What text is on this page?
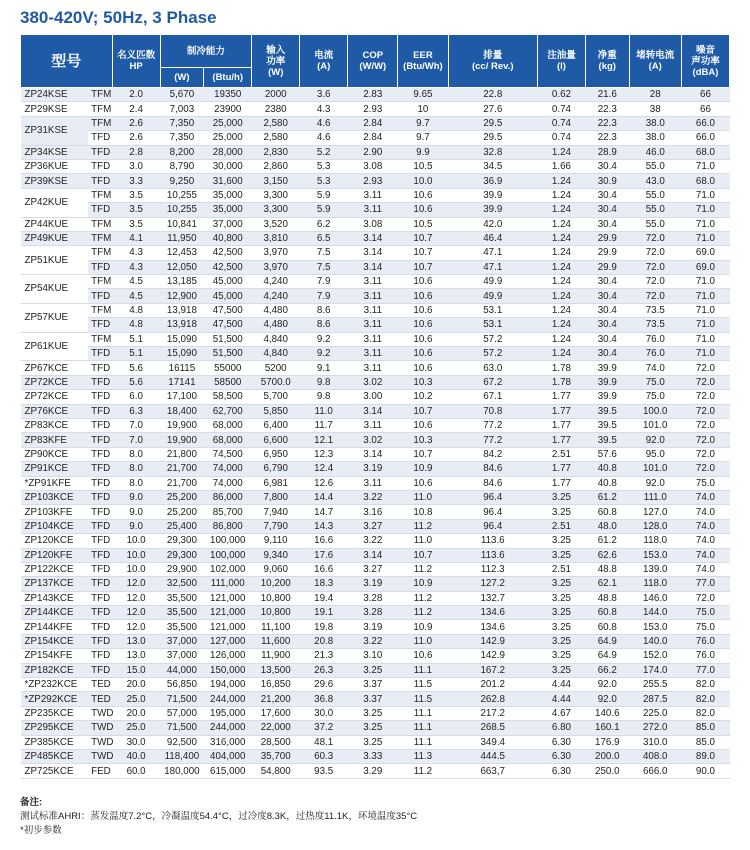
380-420V; 50Hz, 3 Phase
型号		名义匹数
HP	制冷能力		输入
功率
(W)	电流
(A)	COP
(W/W)	EER
(Btu/Wh)	排量
(cc/ Rev.)	注油量
(l)	净重
(kg)	堵转电流
(A)	噪音
声功率
(dBA)
			(W)	(Btu/h)									
ZP24KSE	TFM	2.0	5,670	19350	2000	3.6	2.83	9.65	22.8	0.62	21.6	28	66
ZP29KSE	TFM	2.4	7,003	23900	2380	4.3	2.93	10	27.6	0.74	22.3	38	66
ZP31KSE	TFM	2.6	7,350	25,000	2,580	4.6	2.84	9.7	29.5	0.74	22.3	38.0	66.0
	TFD	2.6	7,350	25,000	2,580	4.6	2.84	9.7	29.5	0.74	22.3	38.0	66.0
ZP34KSE	TFD	2.8	8,200	28,000	2,830	5.2	2.90	9.9	32.8	1.24	28.9	46.0	68.0
ZP36KUE	TFD	3.0	8,790	30,000	2,860	5.3	3.08	10.5	34.5	1.66	30.4	55.0	71.0
ZP39KSE	TFD	3.3	9,250	31,600	3,150	5.3	2.93	10.0	36.9	1.24	30.9	43.0	68.0
ZP42KUE	TFM	3.5	10,255	35,000	3,300	5.9	3.11	10.6	39.9	1.24	30.4	55.0	71.0
	TFD	3.5	10,255	35,000	3,300	5.9	3.11	10.6	39.9	1.24	30.4	55.0	71.0
ZP44KUE	TFM	3.5	10,841	37,000	3,520	6.2	3.08	10.5	42.0	1.24	30.4	55.0	71.0
ZP49KUE	TFM	4.1	11,950	40,800	3,810	6.5	3.14	10.7	46.4	1.24	29.9	72.0	71.0
ZP51KUE	TFM	4.3	12,453	42,500	3,970	7.5	3.14	10.7	47.1	1.24	29.9	72.0	69.0
	TFD	4.3	12,050	42,500	3,970	7.5	3.14	10.7	47.1	1.24	29.9	72.0	69.0
ZP54KUE	TFM	4.5	13,185	45,000	4,240	7.9	3.11	10.6	49.9	1.24	30.4	72.0	71.0
	TFD	4.5	12,900	45,000	4,240	7.9	3.11	10.6	49.9	1.24	30.4	72.0	71.0
ZP57KUE	TFM	4.8	13,918	47,500	4,480	8.6	3.11	10.6	53.1	1.24	30.4	73.5	71.0
	TFD	4.8	13,918	47,500	4,480	8.6	3.11	10.6	53.1	1.24	30.4	73.5	71.0
ZP61KUE	TFM	5.1	15,090	51,500	4,840	9.2	3.11	10.6	57.2	1.24	30.4	76.0	71.0
	TFD	5.1	15,090	51,500	4,840	9.2	3.11	10.6	57.2	1.24	30.4	76.0	71.0
ZP67KCE	TFD	5.6	16115	55000	5200	9.1	3.11	10.6	63.0	1.78	39.9	74.0	72.0
ZP72KCE	TFD	5.6	17141	58500	5700.0	9.8	3.02	10.3	67.2	1.78	39.9	75.0	72.0
ZP72KCE	TFD	6.0	17,100	58,500	5,700	9.8	3.00	10.2	67.1	1.77	39.9	75.0	72.0
ZP76KCE	TFD	6.3	18,400	62,700	5,850	11.0	3.14	10.7	70.8	1.77	39.5	100.0	72.0
ZP83KCE	TFD	7.0	19,900	68,000	6,400	11.7	3.11	10.6	77.2	1.77	39.5	101.0	72.0
ZP83KFE	TFD	7.0	19,900	68,000	6,600	12.1	3.02	10.3	77.2	1.77	39.5	92.0	72.0
ZP90KCE	TFD	8.0	21,800	74,500	6,950	12.3	3.14	10.7	84.2	2.51	57.6	95.0	72.0
ZP91KCE	TFD	8.0	21,700	74,000	6,790	12.4	3.19	10.9	84.6	1.77	40.8	101.0	72.0
*ZP91KFE	TFD	8.0	21,700	74,000	6,981	12.6	3.11	10.6	84.6	1.77	40.8	92.0	75.0
ZP103KCE	TFD	9.0	25,200	86,000	7,800	14.4	3.22	11.0	96.4	3.25	61.2	111.0	74.0
ZP103KFE	TFD	9.0	25,200	85,700	7,940	14.7	3.16	10.8	96.4	3.25	60.8	127.0	74.0
ZP104KCE	TFD	9.0	25,400	86,800	7,790	14.3	3.27	11.2	96.4	2.51	48.0	128.0	74.0
ZP120KCE	TFD	10.0	29,300	100,000	9,110	16.6	3.22	11.0	113.6	3.25	61.2	118.0	74.0
ZP120KFE	TFD	10.0	29,300	100,000	9,340	17.6	3.14	10.7	113.6	3.25	62.6	153.0	74.0
ZP122KCE	TFD	10.0	29,900	102,000	9,060	16.6	3.27	11.2	112.3	2.51	48.8	139.0	74.0
ZP137KCE	TFD	12.0	32,500	111,000	10,200	18.3	3.19	10.9	127.2	3.25	62.1	118.0	77.0
ZP143KCE	TFD	12.0	35,500	121,000	10,800	19.4	3.28	11.2	132.7	3.25	48.8	146.0	72.0
ZP144KCE	TFD	12.0	35,500	121,000	10,800	19.1	3.28	11.2	134.6	3.25	60.8	144.0	75.0
ZP144KFE	TFD	12.0	35,500	121,000	11,100	19.8	3.19	10.9	134.6	3.25	60.8	153.0	75.0
ZP154KCE	TFD	13.0	37,000	127,000	11,600	20.8	3.22	11.0	142.9	3.25	64.9	140.0	76.0
ZP154KFE	TFD	13.0	37,000	126,000	11,900	21.3	3.10	10.6	142.9	3.25	64.9	152.0	76.0
ZP182KCE	TFD	15.0	44,000	150,000	13,500	26.3	3.25	11.1	167.2	3.25	66.2	174.0	77.0
*ZP232KCE	TED	20.0	56,850	194,000	16,850	29.6	3.37	11.5	201.2	4.44	92.0	255.5	82.0
*ZP292KCE	TED	25.0	71,500	244,000	21,200	36.8	3.37	11.5	262.8	4.44	92.0	287.5	82.0
ZP235KCE	TWD	20.0	57,000	195,000	17,600	30.0	3.25	11.1	217.2	4.67	140.6	225.0	82.0
ZP295KCE	TWD	25.0	71,500	244,000	22,000	37.2	3.25	11.1	268.5	6.80	160.1	272.0	85.0
ZP385KCE	TWD	30.0	92,500	316,000	28,500	48.1	3.25	11.1	349.4	6.30	176.9	310.0	85.0
ZP485KCE	TWD	40.0	118,400	404,000	35,700	60.3	3.33	11.3	444.5	6.30	200.0	408.0	89.0
ZP725KCE	FED	60.0	180,000	615,000	54,800	93.5	3.29	11.2	663,7	6.30	250.0	666.0	90.0
备注:
测试标准AHRI：蒸发温度7.2°C，冷凝温度54.4°C，过冷度8.3K，过热度11.1K，环境温度35°C
*初步参数
